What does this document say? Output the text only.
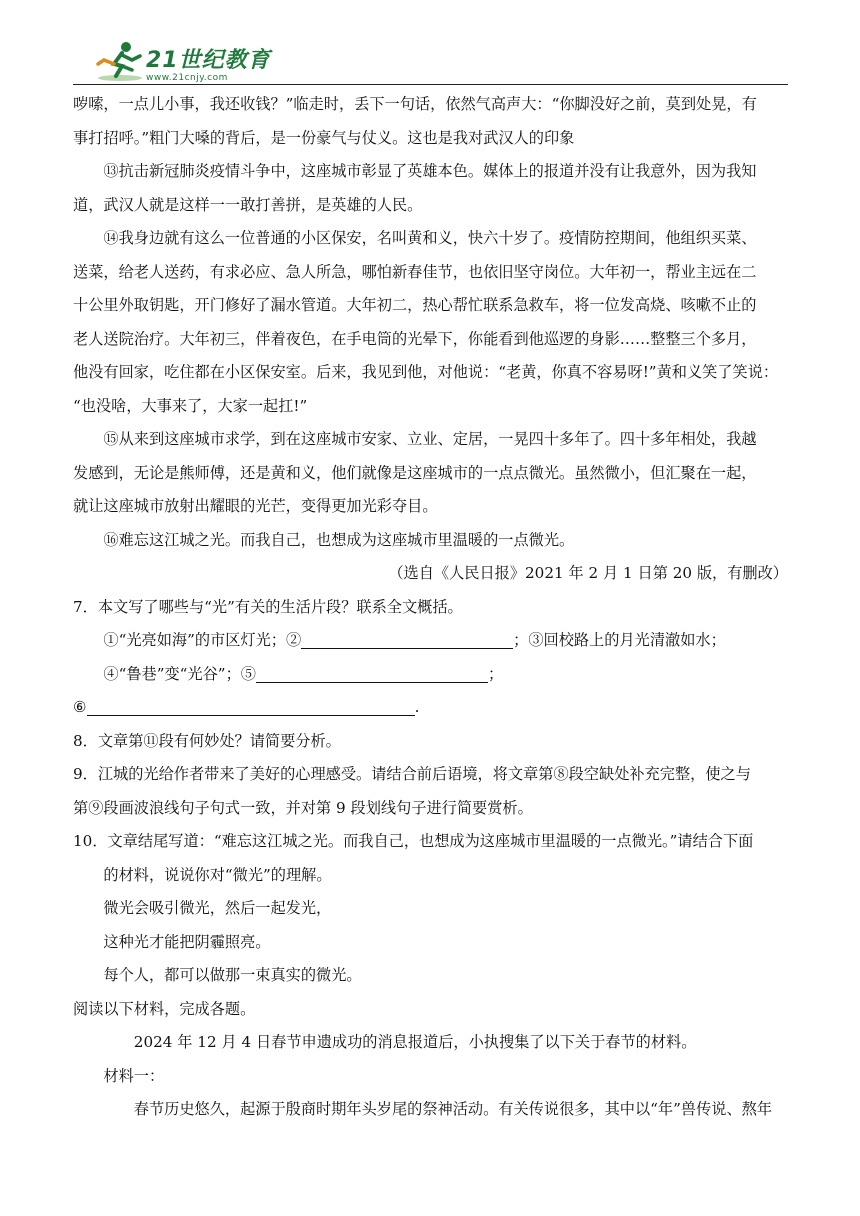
21世纪教育
www.21cnjy.com

哕嗦，一点儿小事，我还收钱？”临走时，丢下一句话，依然气高声大：“你脚没好之前，莫到处晃，有

事打招呼。”粗门大嗓的背后，是一份豪气与仗义。这也是我对武汉人的印象

⑬抗击新冠肺炎疫情斗争中，这座城市彰显了英雄本色。媒体上的报道并没有让我意外，因为我知

道，武汉人就是这样一一敢打善拼，是英雄的人民。

⑭我身边就有这么一位普通的小区保安，名叫黄和义，快六十岁了。疫情防控期间，他组织买菜、

送菜，给老人送药，有求必应、急人所急，哪怕新春佳节，也依旧坚守岗位。大年初一，帮业主远在二

十公里外取钥匙，开门修好了漏水管道。大年初二，热心帮忙联系急救车，将一位发高烧、咳嗽不止的

老人送院治疗。大年初三，伴着夜色，在手电筒的光晕下，你能看到他巡逻的身影……整整三个多月，

他没有回家，吃住都在小区保安室。后来，我见到他，对他说：“老黄，你真不容易呀!”黄和义笑了笑说：

“也没啥，大事来了，大家一起扛!”

⑮从来到这座城市求学，到在这座城市安家、立业、定居，一晃四十多年了。四十多年相处，我越

发感到，无论是熊师傅，还是黄和义，他们就像是这座城市的一点点微光。虽然微小，但汇聚在一起，

就让这座城市放射出耀眼的光芒，变得更加光彩夺目。

⑯难忘这江城之光。而我自己，也想成为这座城市里温暖的一点微光。

（选自《人民日报》2021 年 2 月 1 日第 20 版，有删改）

7．本文写了哪些与“光”有关的生活片段？联系全文概括。

①“光亮如海”的市区灯光；②	；③回校路上的月光清澈如水；

④“鲁巷”变“光谷”；⑤	；

⑥	.

8．文章第⑪段有何妙处？请简要分析。

9．江城的光给作者带来了美好的心理感受。请结合前后语境，将文章第⑧段空缺处补充完整，使之与

第⑨段画波浪线句子句式一致，并对第 9 段划线句子进行简要赏析。

10．文章结尾写道：“难忘这江城之光。而我自己，也想成为这座城市里温暖的一点微光。”请结合下面

的材料，说说你对“微光”的理解。

微光会吸引微光，然后一起发光，

这种光才能把阴霾照亮。

每个人，都可以做那一束真实的微光。

阅读以下材料，完成各题。

2024 年 12 月 4 日春节申遗成功的消息报道后，小执搜集了以下关于春节的材料。

材料一：

春节历史悠久，起源于殷商时期年头岁尾的祭神活动。有关传说很多，其中以“年”兽传说、熬年
